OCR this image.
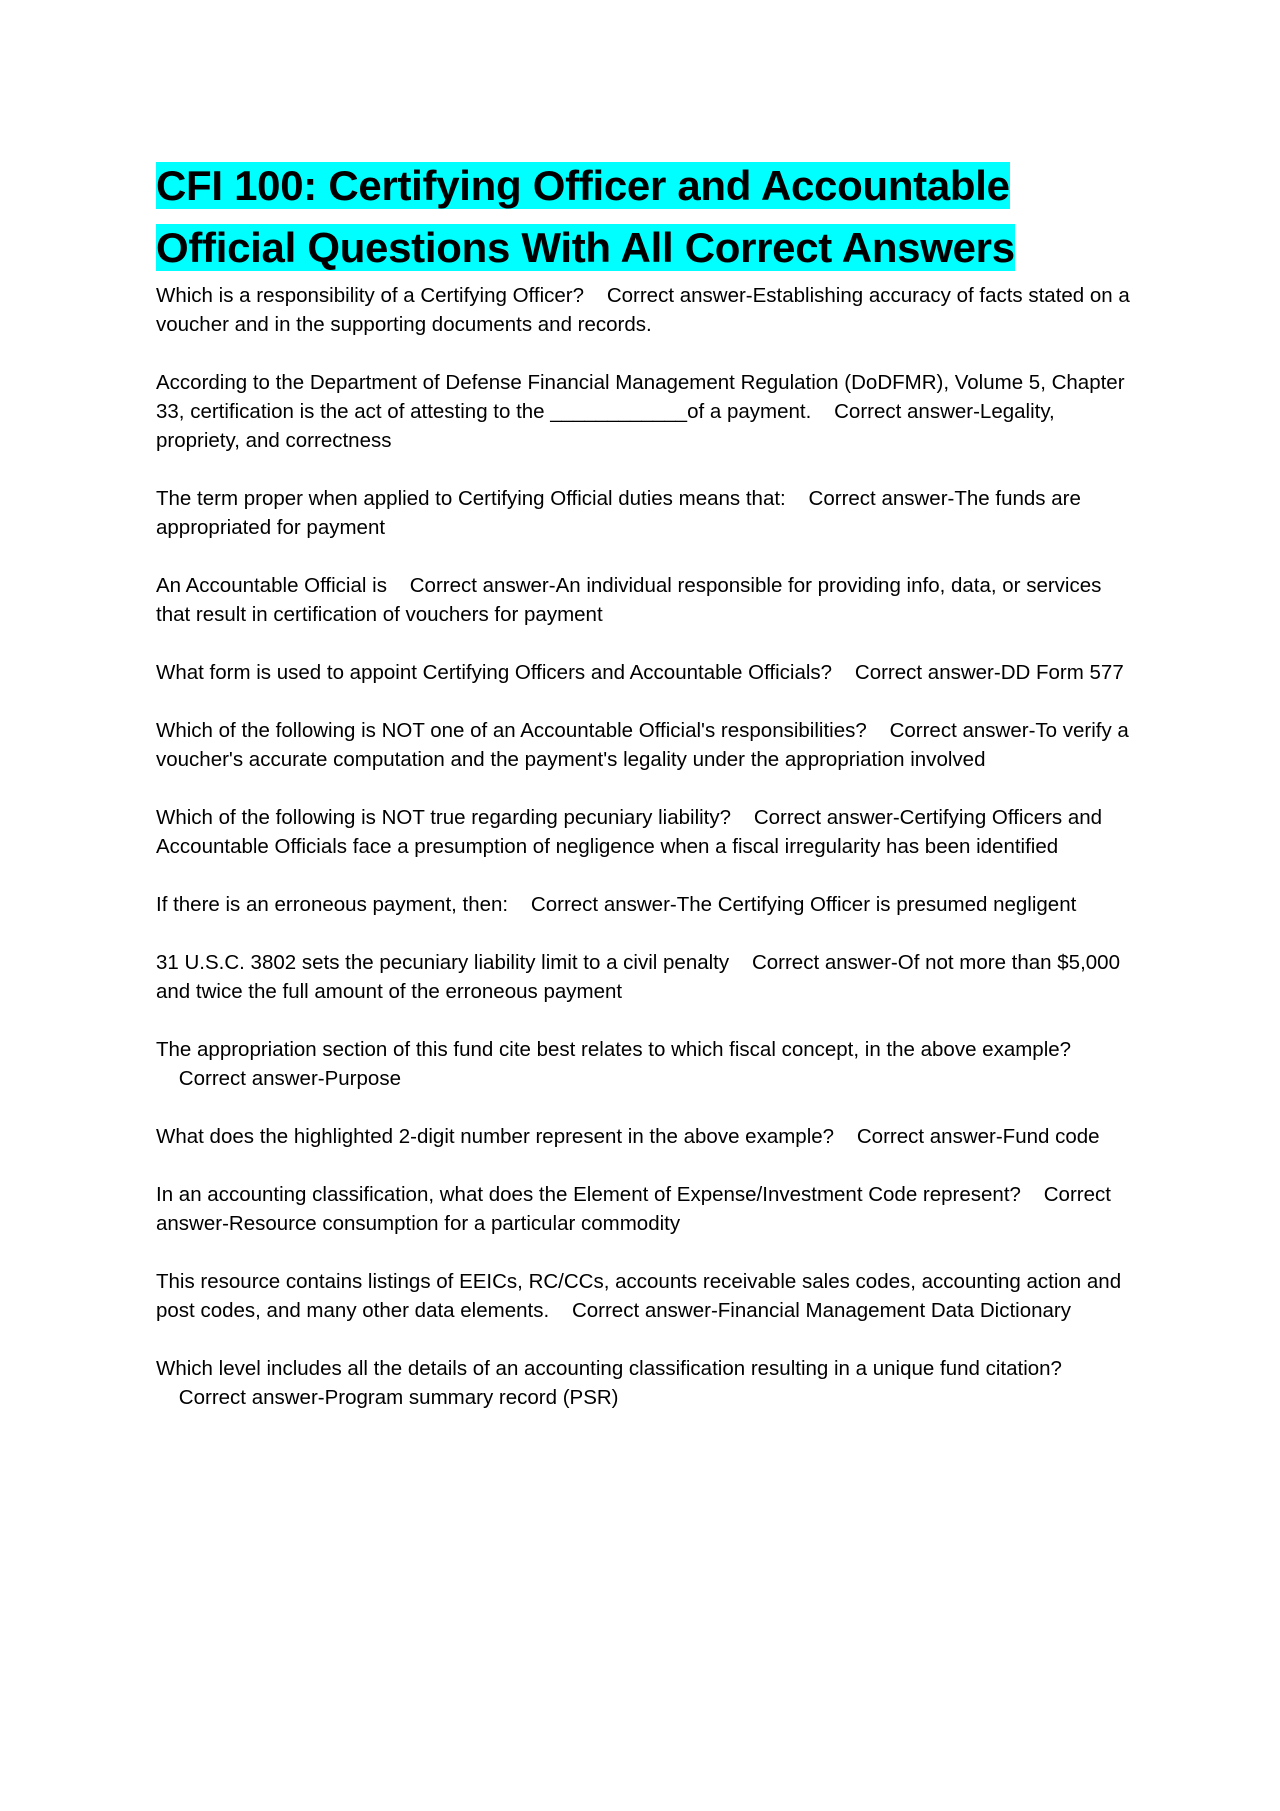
CFI 100: Certifying Officer and Accountable Official Questions With All Correct Answers
Which is a responsibility of a Certifying Officer? Correct answer-Establishing accuracy of facts stated on a voucher and in the supporting documents and records.
According to the Department of Defense Financial Management Regulation (DoDFMR), Volume 5, Chapter 33, certification is the act of attesting to the ____________of a payment. Correct answer-Legality, propriety, and correctness
The term proper when applied to Certifying Official duties means that: Correct answer-The funds are appropriated for payment
An Accountable Official is Correct answer-An individual responsible for providing info, data, or services that result in certification of vouchers for payment
What form is used to appoint Certifying Officers and Accountable Officials? Correct answer-DD Form 577
Which of the following is NOT one of an Accountable Official's responsibilities? Correct answer-To verify a voucher's accurate computation and the payment's legality under the appropriation involved
Which of the following is NOT true regarding pecuniary liability? Correct answer-Certifying Officers and Accountable Officials face a presumption of negligence when a fiscal irregularity has been identified
If there is an erroneous payment, then: Correct answer-The Certifying Officer is presumed negligent
31 U.S.C. 3802 sets the pecuniary liability limit to a civil penalty Correct answer-Of not more than $5,000 and twice the full amount of the erroneous payment
The appropriation section of this fund cite best relates to which fiscal concept, in the above example?    Correct answer-Purpose
What does the highlighted 2-digit number represent in the above example? Correct answer-Fund code
In an accounting classification, what does the Element of Expense/Investment Code represent? Correct answer-Resource consumption for a particular commodity
This resource contains listings of EEICs, RC/CCs, accounts receivable sales codes, accounting action and post codes, and many other data elements. Correct answer-Financial Management Data Dictionary
Which level includes all the details of an accounting classification resulting in a unique fund citation?    Correct answer-Program summary record (PSR)
